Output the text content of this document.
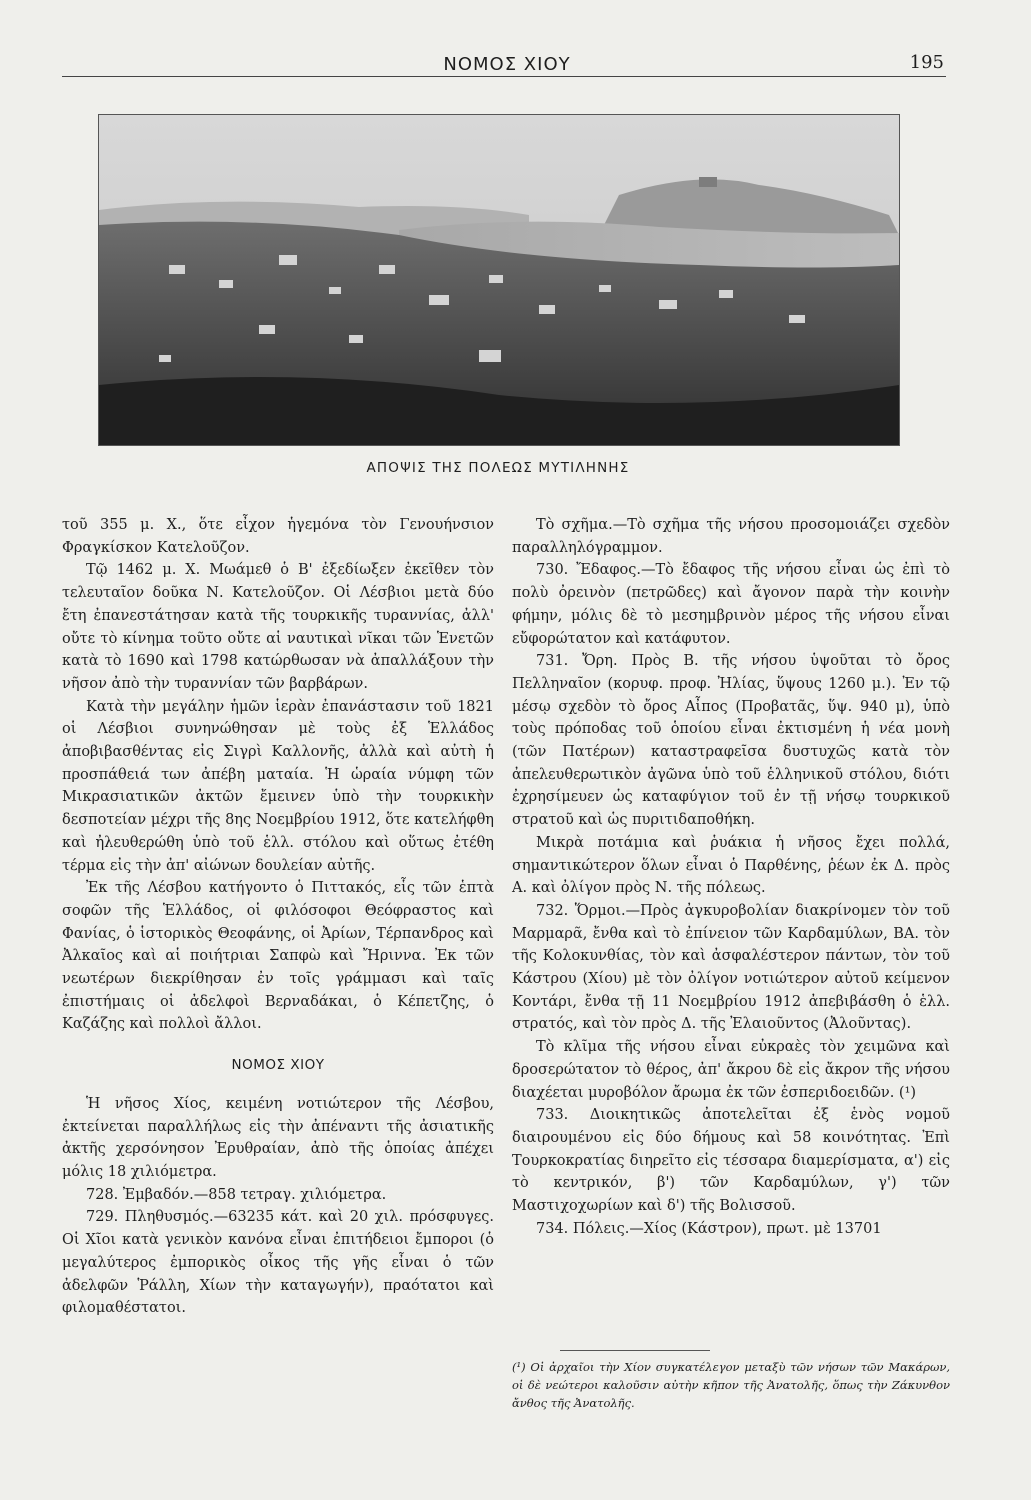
ΝΟΜΟΣ ΧΙΟΥ	195
ΑΠΟΨΙΣ ΤΗΣ ΠΟΛΕΩΣ ΜΥΤΙΛΗΝΗΣ

τοῦ 355 μ. Χ., ὅτε εἶχον ἡγεμόνα τὸν Γενουήνσιον Φραγκίσκον Κατελοῦζον.

Τῷ 1462 μ. Χ. Μωάμεθ ὁ Β' ἐξεδίωξεν ἐκεῖθεν τὸν τελευταῖον δοῦκα Ν. Κατελοῦζον. Οἱ Λέσβιοι μετὰ δύο ἔτη ἐπανεστάτησαν κατὰ τῆς τουρκικῆς τυραννίας, ἀλλ' οὔτε τὸ κίνημα τοῦτο οὔτε αἱ ναυτικαὶ νῖκαι τῶν Ἑνετῶν κατὰ τὸ 1690 καὶ 1798 κατώρθωσαν νὰ ἀπαλλάξουν τὴν νῆσον ἀπὸ τὴν τυραννίαν τῶν βαρβάρων.

Κατὰ τὴν μεγάλην ἡμῶν ἱερὰν ἐπανάστασιν τοῦ 1821 οἱ Λέσβιοι συνηνώθησαν μὲ τοὺς ἐξ Ἑλλάδος ἀποβιβασθέντας εἰς Σιγρὶ Καλλονῆς, ἀλλὰ καὶ αὐτὴ ἡ προσπάθειά των ἀπέβη ματαία. Ἡ ὡραία νύμφη τῶν Μικρασιατικῶν ἀκτῶν ἔμεινεν ὑπὸ τὴν τουρκικὴν δεσποτείαν μέχρι τῆς 8ης Νοεμβρίου 1912, ὅτε κατελήφθη καὶ ἠλευθερώθη ὑπὸ τοῦ ἑλλ. στόλου καὶ οὕτως ἐτέθη τέρμα εἰς τὴν ἀπ' αἰώνων δουλείαν αὐτῆς.

Ἐκ τῆς Λέσβου κατήγοντο ὁ Πιττακός, εἷς τῶν ἑπτὰ σοφῶν τῆς Ἑλλάδος, οἱ φιλόσοφοι Θεόφραστος καὶ Φανίας, ὁ ἱστορικὸς Θεοφάνης, οἱ Ἀρίων, Τέρπανδρος καὶ Ἀλκαῖος καὶ αἱ ποιήτριαι Σαπφὼ καὶ Ἤριννα. Ἐκ τῶν νεωτέρων διεκρίθησαν ἐν τοῖς γράμμασι καὶ ταῖς ἐπιστήμαις οἱ ἀδελφοὶ Βερναδάκαι, ὁ Κέπετζης, ὁ Καζάζης καὶ πολλοὶ ἄλλοι.

ΝΟΜΟΣ ΧΙΟΥ

Ἡ νῆσος Χίος, κειμένη νοτιώτερον τῆς Λέσβου, ἐκτείνεται παραλλήλως εἰς τὴν ἀπέναντι τῆς ἀσιατικῆς ἀκτῆς χερσόνησον Ἐρυθραίαν, ἀπὸ τῆς ὁποίας ἀπέχει μόλις 18 χιλιόμετρα.

728. Ἐμβαδόν.—858 τετραγ. χιλιόμετρα.

729. Πληθυσμός.—63235 κάτ. καὶ 20 χιλ. πρόσφυγες. Οἱ Χῖοι κατὰ γενικὸν κανόνα εἶναι ἐπιτήδειοι ἔμποροι (ὁ μεγαλύτερος ἐμπορικὸς οἶκος τῆς γῆς εἶναι ὁ τῶν ἀδελφῶν Ῥάλλη, Χίων τὴν καταγωγήν), πραότατοι καὶ φιλομαθέστατοι.

Τὸ σχῆμα.—Τὸ σχῆμα τῆς νήσου προσομοιάζει σχεδὸν παραλληλόγραμμον.

730. Ἔδαφος.—Τὸ ἔδαφος τῆς νήσου εἶναι ὡς ἐπὶ τὸ πολὺ ὀρεινὸν (πετρῶδες) καὶ ἄγονον παρὰ τὴν κοινὴν φήμην, μόλις δὲ τὸ μεσημβρινὸν μέρος τῆς νήσου εἶναι εὔφορώτατον καὶ κατάφυτον.

731. Ὄρη. Πρὸς Β. τῆς νήσου ὑψοῦται τὸ ὄρος Πελληναῖον (κορυφ. προφ. Ἠλίας, ὕψους 1260 μ.). Ἐν τῷ μέσῳ σχεδὸν τὸ ὄρος Αἶπος (Προβατᾶς, ὕψ. 940 μ), ὑπὸ τοὺς πρόποδας τοῦ ὁποίου εἶναι ἐκτισμένη ἡ νέα μονὴ (τῶν Πατέρων) καταστραφεῖσα δυστυχῶς κατὰ τὸν ἀπελευθερωτικὸν ἀγῶνα ὑπὸ τοῦ ἑλληνικοῦ στόλου, διότι ἐχρησίμευεν ὡς καταφύγιον τοῦ ἐν τῇ νήσῳ τουρκικοῦ στρατοῦ καὶ ὡς πυριτιδαποθήκη.

Μικρὰ ποτάμια καὶ ῥυάκια ἡ νῆσος ἔχει πολλά, σημαντικώτερον ὅλων εἶναι ὁ Παρθένης, ῥέων ἐκ Δ. πρὸς Α. καὶ ὀλίγον πρὸς Ν. τῆς πόλεως.

732. Ὅρμοι.—Πρὸς ἀγκυροβολίαν διακρίνομεν τὸν τοῦ Μαρμαρᾶ, ἔνθα καὶ τὸ ἐπίνειον τῶν Καρδαμύλων, ΒΑ. τὸν τῆς Κολοκυνθίας, τὸν καὶ ἀσφαλέστερον πάντων, τὸν τοῦ Κάστρου (Χίου) μὲ τὸν ὀλίγον νοτιώτερον αὐτοῦ κείμενον Κοντάρι, ἔνθα τῇ 11 Νοεμβρίου 1912 ἀπεβιβάσθη ὁ ἑλλ. στρατός, καὶ τὸν πρὸς Δ. τῆς Ἐλαιοῦντος (Ἀλοῦντας).

Τὸ κλῖμα τῆς νήσου εἶναι εὐκραὲς τὸν χειμῶνα καὶ δροσερώτατον τὸ θέρος, ἀπ' ἄκρου δὲ εἰς ἄκρον τῆς νήσου διαχέεται μυροβόλον ἄρωμα ἐκ τῶν ἐσπεριδοειδῶν. (¹)

733. Διοικητικῶς ἀποτελεῖται ἐξ ἑνὸς νομοῦ διαιρουμένου εἰς δύο δήμους καὶ 58 κοινότητας. Ἐπὶ Τουρκοκρατίας διηρεῖτο εἰς τέσσαρα διαμερίσματα, α') εἰς τὸ κεντρικόν, β') τῶν Καρδαμύλων, γ') τῶν Μαστιχοχωρίων καὶ δ') τῆς Βολισσοῦ.

734. Πόλεις.—Χίος (Κάστρον), πρωτ. μὲ 13701

(¹) Οἱ ἀρχαῖοι τὴν Χίον συγκατέλεγον μεταξὺ τῶν νήσων τῶν Μακάρων, οἱ δὲ νεώτεροι καλοῦσιν αὐτὴν κῆπον τῆς Ἀνατολῆς, ὅπως τὴν Ζάκυνθον ἄνθος τῆς Ἀνατολῆς.
